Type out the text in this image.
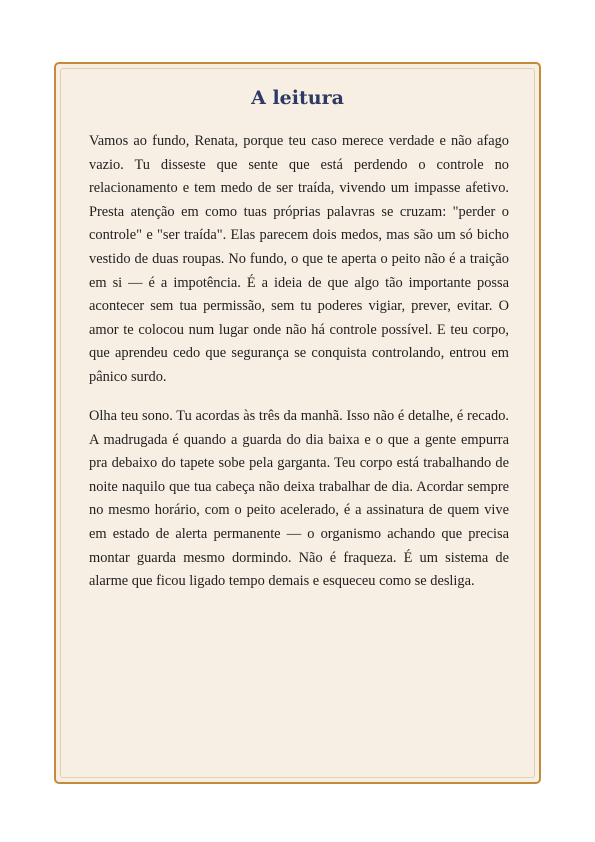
A leitura

Vamos ao fundo, Renata, porque teu caso merece verdade e não afago vazio. Tu disseste que sente que está perdendo o controle no relacionamento e tem medo de ser traída, vivendo um impasse afetivo. Presta atenção em como tuas próprias palavras se cruzam: "perder o controle" e "ser traída". Elas parecem dois medos, mas são um só bicho vestido de duas roupas. No fundo, o que te aperta o peito não é a traição em si — é a impotência. É a ideia de que algo tão importante possa acontecer sem tua permissão, sem tu poderes vigiar, prever, evitar. O amor te colocou num lugar onde não há controle possível. E teu corpo, que aprendeu cedo que segurança se conquista controlando, entrou em pânico surdo.

Olha teu sono. Tu acordas às três da manhã. Isso não é detalhe, é recado. A madrugada é quando a guarda do dia baixa e o que a gente empurra pra debaixo do tapete sobe pela garganta. Teu corpo está trabalhando de noite naquilo que tua cabeça não deixa trabalhar de dia. Acordar sempre no mesmo horário, com o peito acelerado, é a assinatura de quem vive em estado de alerta permanente — o organismo achando que precisa montar guarda mesmo dormindo. Não é fraqueza. É um sistema de alarme que ficou ligado tempo demais e esqueceu como se desliga.
